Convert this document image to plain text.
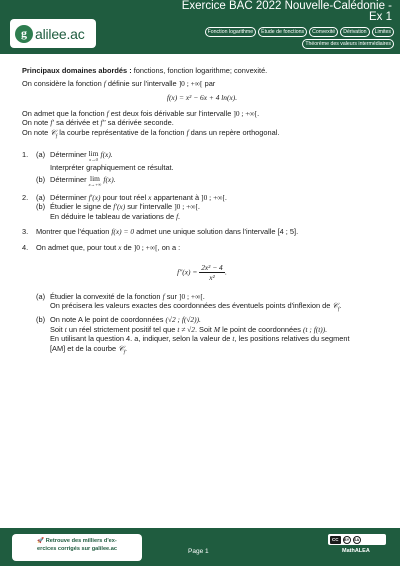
g alilee.ac
Exercice BAC 2022 Nouvelle-Calédonie - Ex 1
Fonction logarithme	Étude de fonctions	Convexité	Dérivation	Limites
Théorème des valeurs intermédiaires

Principaux domaines abordés : fonctions, fonction logarithme; convexité.

On considère la fonction f définie sur l'intervalle ]0 ; +∞[ par

f(x) = x² − 6x + 4 ln(x).

On admet que la fonction f est deux fois dérivable sur l'intervalle ]0 ; +∞[.

On note f′ sa dérivée et f″ sa dérivée seconde.

On note 𝒞$_f$ la courbe représentative de la fonction f dans un repère orthogonal.

1. (a) Déterminer lim
x→0
f(x).
Interpréter graphiquement ce résultat.
(b) Déterminer lim
x→+∞
f(x).
2. (a) Déterminer f′(x) pour tout réel x appartenant à ]0 ; +∞[.
(b) Étudier le signe de f′(x) sur l'intervalle ]0 ; +∞[.
En déduire le tableau de variations de f.
3. Montrer que l'équation f(x) = 0 admet une unique solution dans l'intervalle [4 ; 5].
4. On admet que, pour tout x de ]0 ; +∞[, on a :
$f''(x) = \frac{\text{2x² − 4}}{\text{x²}}$ .
(a) Étudier la convexité de la fonction f sur ]0 ; +∞[.
On précisera les valeurs exactes des coordonnées des éventuels points d'inflexion de 𝒞$_f$.
(b) On note A le point de coordonnées (√2 ; f(√2)).
Soit t un réel strictement positif tel que t ≠ √2. Soit M le point de coordonnées (t ; f(t)).
En utilisant la question 4. a, indiquer, selon la valeur de t, les positions relatives du segment
[AM] et de la courbe 𝒞$_f$.
🚀 Retrouve des milliers d'ex-
ercices corrigés sur galilee.ac	Page 1
CC	BY	SA
MathALEA
